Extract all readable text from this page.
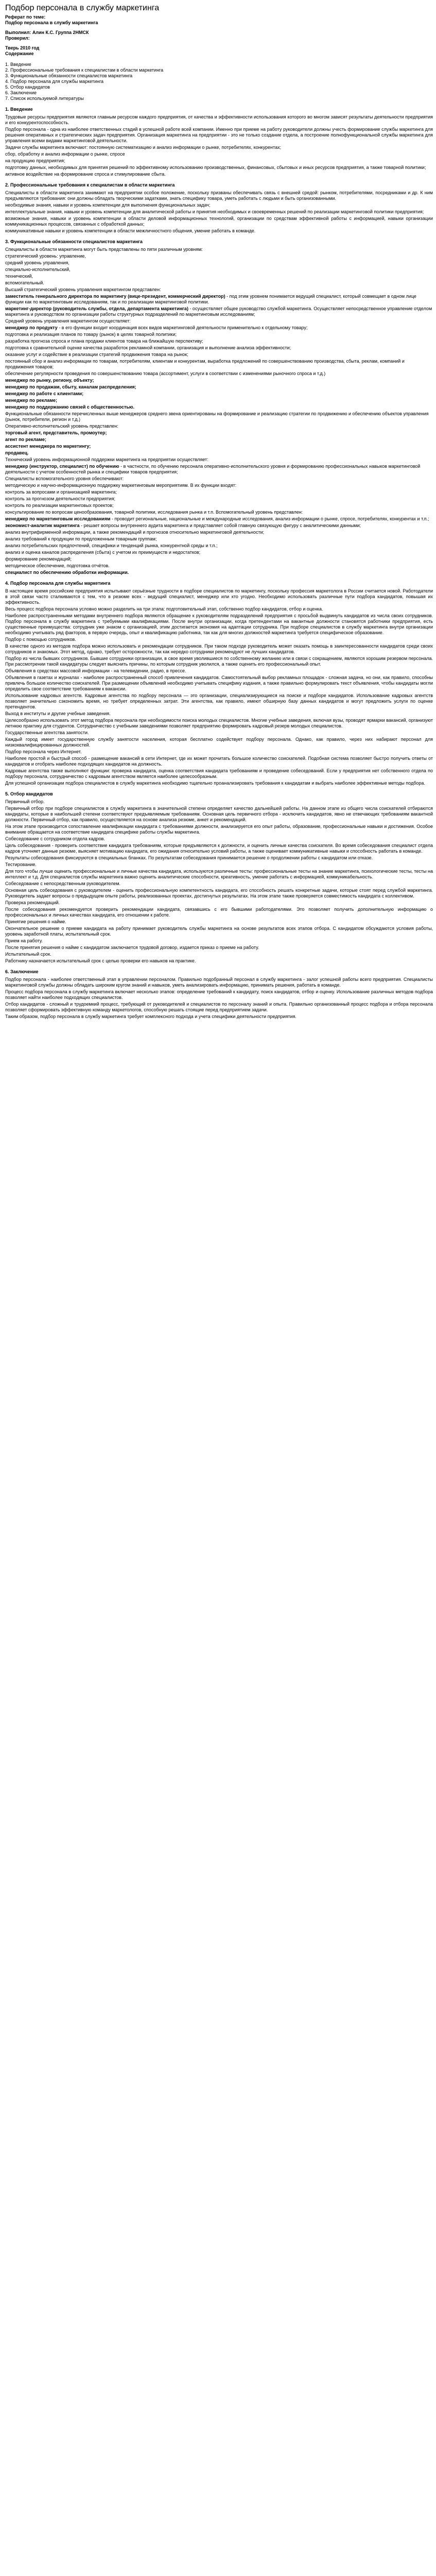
Подбор персонала в службу маркетинга

Реферат по теме:

Подбор персонала в службу маркетинга

Выполнил: Алин К.С. Группа 2НМСК

Проверил:

Тверь 2010 год

Содержание

1. Введение
2. Профессиональные требования к специалистам в области маркетинга
3. Функциональные обязанности специалистов маркетинга
4. Подбор персонала для службы маркетинга
5. Отбор кандидатов
6. Заключение
7. Список используемой литературы
1. Введение

Трудовые ресурсы предприятия являются главным ресурсом каждого предприятия, от качества и эффективности использования которого во многом зависят результаты деятельности предприятия и его конкурентоспособность.

Подбор персонала - одна из наиболее ответственных стадий в успешной работе всей компании. Именно при приеме на работу руководители должны учесть формирование службы маркетинга для решения оперативных и стратегических задач предприятия. Организация маркетинга на предприятии - это не только создание отдела, а построение полнофункциональной службы маркетинга для управления всеми видами маркетинговой деятельности.

Задачи службы маркетинга включают: постоянную систематизацию и анализ информации о рынке, потребителях, конкурентах;

сбор, обработку и анализ информации о рынке, спросе

на продукцию предприятия;

подготовку данных, необходимых для принятия решений по эффективному использованию производственных, финансовых, сбытовых и иных ресурсов предприятия, а также товарной политики;

активное воздействие на формирование спроса и стимулирование сбыта.

2. Профессиональные требования к специалистам в области маркетинга

Специалисты в области маркетинга занимают на предприятии особое положение, поскольку призваны обеспечивать связь с внешней средой: рынком, потребителями, посредниками и др. К ним предъявляются требования: они должны обладать творческими задатками, знать специфику товара, уметь работать с людьми и быть организованными.

необходимые знания, навыки и уровень компетенции для выполнения функциональных задач;

интеллектуальные знания, навыки и уровень компетенции для аналитической работы и принятия необходимых и своевременных решений по реализации маркетинговой политики предприятия;

возможные знания, навыки и уровень компетенции в области деловой информационных технологий, организации по средствам эффективной работы с информацией, навыки организации коммуникационных процессов, связанных с обработкой данных;

коммуникативные навыки и уровень компетенции в области межличностного общения, умение работать в команде.

3. Функциональные обязанности специалистов маркетинга

Специалисты в области маркетинга могут быть представлены по пяти различным уровням:

стратегический уровень: управление,

средний уровень управления,

специально-исполнительский,

технический,

вспомогательный.

Высший стратегический уровень управления маркетингом представлен:
заместитель генерального директора по маркетингу (вице-президент, коммерческий директор) - под этим уровнем понимается ведущий специалист, который совмещает в одном лице функции как по маркетинговым исследованиям, так и по реализации маркетинговой политики.
маркетинг-директор (руководитель службы, отдела, департамента маркетинга) - осуществляет общее руководство службой маркетинга. Осуществляет непосредственное управление отделом маркетинга и руководством по организации работы структурных подразделений по маркетинговым исследованиям;
Средний уровень управления маркетингом осуществляет:
менеджер по продукту - в его функции входит координация всех видов маркетинговой деятельности применительно к отдельному товару;
подготовка и реализация планов по товару (рынок) в целях товарной политики;
разработка прогноза спроса и плана продажи клиентов товара на ближайшую перспективу;
подготовка к сравнительной оценке качества разработок рекламной компании, организация и выполнение анализа эффективности;
оказание услуг и содействие в реализации стратегий продвижения товара на рынок;
постоянный сбор и анализ информации по товарам, потребителям, клиентам и конкурентам, выработка предложений по совершенствованию производства, сбыта, реклам, компаний и продвижения товаров;
обеспечение регулярности проведения по совершенствованию товара (ассортимент, услуги в соответствии с изменениями рыночного спроса и т.д.)
менеджер по рынку, региону, объекту;
менеджер по продажам, сбыту, каналам распределения;
менеджер по работе с клиентами;
менеджер по рекламе;
менеджер по поддержанию связей с общественностью.
Функциональные обязанности перечисленных выше менеджеров среднего звена ориентированы на формирование и реализацию стратегии по продвижению и обеспечению объектов управления (рынок, потребители, регион и т.д.)
Оперативно-исполнительский уровень представлен:
торговый агент, представитель, промоутер;
агент по рекламе;
ассистент менеджера по маркетингу;
продавец.
Технический уровень информационной поддержки маркетинга на предприятии осуществляет:
менеджер (инструктор, специалист) по обучению - в частности, по обучению персонала оперативно-исполнительского уровня и формированию профессиональных навыков маркетинговой деятельности с учетом особенностей рынка и специфики товаров предприятия;
Специалисты вспомогательного уровня обеспечивают:
методическую и научно-информационную поддержку маркетинговым мероприятиям. В их функции входят:
контроль за вопросами и организацией маркетинга;
контроль за прогнозом деятельности предприятия;
контроль по реализации маркетинговых проектов;
консультирование по вопросам ценообразования, товарной политики, исследования рынка и т.п. Вспомогательный уровень представлен:
менеджер по маркетинговым исследованиям - проводит региональные, национальные и международные исследования, анализ информации о рынке, спросе, потребителях, конкурентах и т.п.;
экономист-аналитик маркетинга - решает вопросы внутреннего аудита маркетинга и представляет собой главную связующую фигуру с аналитическими данными;
анализ внутрифирменной информации, а также рекомендаций и прогнозов относительно маркетинговой деятельности;
анализ требований к продукции по предложенным товарным группам;
анализ потребительских предпочтений, специфики и тенденций рынка, конкурентной среды и т.п.;
анализ и оценка каналов распределения (сбыта) с учетом их преимуществ и недостатков;
формирование рекомендаций;
методическое обеспечение, подготовка отчётов.
специалист по обеспечению обработки информации.
4. Подбор персонала для службы маркетинга

В настоящее время российские предприятия испытывают серьёзные трудности в подборе специалистов по маркетингу, поскольку профессия маркетолога в России считается новой. Работодатели в этой связи часто сталкиваются с тем, что в резюме всех - ведущий специалист, менеджер или кто угодно. Необходимо использовать различные пути подбора кандидатов, повышая их эффективность.

Весь процесс подбора персонала условно можно разделить на три этапа: подготовительный этап, собственно подбор кандидатов, отбор и оценка.

Наиболее распространенными методами внутреннего подбора являются обращение к руководителям подразделений предприятия с просьбой выдвинуть кандидатов из числа своих сотрудников. Подбор персонала в службу маркетинга с требуемыми квалификациями. После внутри организации, когда претендентами на вакантные должности становятся работники предприятия, есть существенные преимущества: сотрудник уже знаком с организацией, этим достигается экономия на адаптации сотрудника. При подборе специалистов в службу маркетинга внутри организации необходимо учитывать ряд факторов, в первую очередь, опыт и квалификацию работника, так как для многих должностей маркетинга требуется специфическое образование.

Подбор с помощью сотрудников.

В качестве одного из методов подбора можно использовать и рекомендации сотрудников. При таком подходе руководитель может оказать помощь в заинтересованности кандидатов среди своих сотрудников и знакомых. Этот метод, однако, требует осторожности, так как нередко сотрудники рекомендуют не лучших кандидатов.

Подбор из числа бывших сотрудников. Бывшие сотрудники организации, в свое время уволившиеся по собственному желанию или в связи с сокращением, являются хорошим резервом персонала. При рассмотрении такой кандидатуры следует выяснить причины, по которым сотрудник уволился, а также оценить его профессиональный опыт.

Объявления в средствах массовой информации - на телевидении, радио, в прессе.

Объявления в газетах и журналах - наиболее распространенный способ привлечения кандидатов. Самостоятельный выбор рекламных площадок - сложная задача, но они, как правило, способны привлечь большое количество соискателей. При размещении объявлений необходимо учитывать специфику издания, а также правильно формулировать текст объявления, чтобы кандидаты могли определить свое соответствие требованиям к вакансии.

Использование кадровых агентств. Кадровые агентства по подбору персонала — это организации, специализирующиеся на поиске и подборе кандидатов. Использование кадровых агентств позволяет значительно сэкономить время, но требует определенных затрат. Эти агентства, как правило, имеют обширную базу данных кандидатов и могут предложить услуги по оценке претендентов.

Выход в институты и другие учебные заведения.

Целесообразно использовать этот метод подбора персонала при необходимости поиска молодых специалистов. Многие учебные заведения, включая вузы, проводят ярмарки вакансий, организуют летнюю практику для студентов. Сотрудничество с учебными заведениями позволяет предприятию формировать кадровый резерв молодых специалистов.

Государственные агентства занятости.

Каждый город имеет государственную службу занятости населения, которая бесплатно содействует подбору персонала. Однако, как правило, через них набирают персонал для низкоквалифицированных должностей.

Подбор персонала через Интернет.

Наиболее простой и быстрый способ - размещение вакансий в сети Интернет, где их может прочитать большое количество соискателей. Подобная система позволяет быстро получить ответы от кандидатов и отобрать наиболее подходящих кандидатов на должность.

Кадровые агентства также выполняют функции: проверка кандидата, оценка соответствия кандидата требованиям и проведение собеседований. Если у предприятия нет собственного отдела по подбору персонала, сотрудничество с кадровым агентством является наиболее целесообразным.

Для успешной организации подбора специалистов в службу маркетинга необходимо тщательно проанализировать требования к кандидатам и выбрать наиболее эффективные методы подбора.

5. Отбор кандидатов

Первичный отбор.

Первичный отбор при подборе специалистов в службу маркетинга в значительной степени определяет качество дальнейшей работы. На данном этапе из общего числа соискателей отбираются кандидаты, которые в наибольшей степени соответствуют предъявляемым требованиям. Основная цель первичного отбора - исключить кандидатов, явно не отвечающих требованиям вакантной должности. Первичный отбор, как правило, осуществляется на основе анализа резюме, анкет и рекомендаций.

На этом этапе производится сопоставление квалификации кандидата с требованиями должности, анализируется его опыт работы, образование, профессиональные навыки и достижения. Особое внимание обращается на соответствие кандидата специфике работы службы маркетинга.

Собеседование с сотрудником отдела кадров.

Цель собеседования - проверить соответствие кандидата требованиям, которые предъявляются к должности, и оценить личные качества соискателя. Во время собеседования специалист отдела кадров уточняет данные резюме, выясняет мотивацию кандидата, его ожидания относительно условий работы, а также оценивает коммуникативные навыки и способность работать в команде.

Результаты собеседования фиксируются в специальных бланках. По результатам собеседования принимается решение о продолжении работы с кандидатом или отказе.

Тестирование.

Для того чтобы лучше оценить профессиональные и личные качества кандидата, используются различные тесты: профессиональные тесты на знание маркетинга, психологические тесты, тесты на интеллект и т.д. Для специалистов службы маркетинга важно оценить аналитические способности, креативность, умение работать с информацией, коммуникабельность.

Собеседование с непосредственным руководителем.

Основная цель собеседования с руководителем - оценить профессиональную компетентность кандидата, его способность решать конкретные задачи, которые стоят перед службой маркетинга. Руководитель задает вопросы о предыдущем опыте работы, реализованных проектах, достигнутых результатах. На этом этапе также проверяется совместимость кандидата с коллективом.

Проверка рекомендаций.

После собеседования рекомендуется проверить рекомендации кандидата, связавшись с его бывшими работодателями. Это позволяет получить дополнительную информацию о профессиональных и личных качествах кандидата, его отношении к работе.

Принятие решения о найме.

Окончательное решение о приеме кандидата на работу принимает руководитель службы маркетинга на основе результатов всех этапов отбора. С кандидатом обсуждаются условия работы, уровень заработной платы, испытательный срок.

Прием на работу.

После принятия решения о найме с кандидатом заключается трудовой договор, издается приказ о приеме на работу.

Испытательный срок.

Работнику назначается испытательный срок с целью проверки его навыков на практике.

6. Заключение

Подбор персонала - наиболее ответственный этап в управлении персоналом. Правильно подобранный персонал в службу маркетинга - залог успешной работы всего предприятия. Специалисты маркетинговой службы должны обладать широким кругом знаний и навыков, уметь анализировать информацию, принимать решения, работать в команде.

Процесс подбора персонала в службу маркетинга включает несколько этапов: определение требований к кандидату, поиск кандидатов, отбор и оценку. Использование различных методов подбора позволяет найти наиболее подходящих специалистов.

Отбор кандидатов - сложный и трудоемкий процесс, требующий от руководителей и специалистов по персоналу знаний и опыта. Правильно организованный процесс подбора и отбора персонала позволяет сформировать эффективную команду маркетологов, способную решать стоящие перед предприятием задачи.

Таким образом, подбор персонала в службу маркетинга требует комплексного подхода и учета специфики деятельности предприятия.
